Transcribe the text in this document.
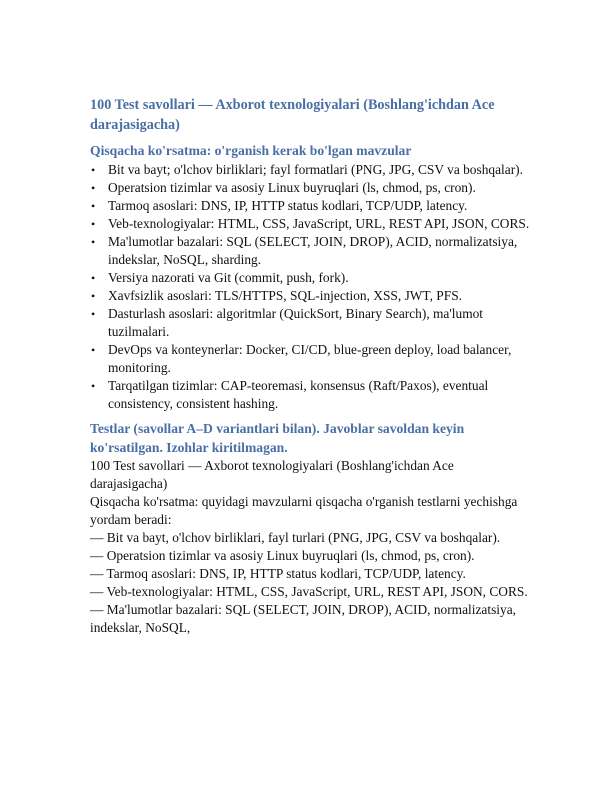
100 Test savollari — Axborot texnologiyalari (Boshlang'ichdan Ace darajasigacha)

Qisqacha ko'rsatma: o'rganish kerak bo'lgan mavzular

• Bit va bayt; o'lchov birliklari; fayl formatlari (PNG, JPG, CSV va boshqalar).
• Operatsion tizimlar va asosiy Linux buyruqlari (ls, chmod, ps, cron).
• Tarmoq asoslari: DNS, IP, HTTP status kodlari, TCP/UDP, latency.
• Veb-texnologiyalar: HTML, CSS, JavaScript, URL, REST API, JSON, CORS.
• Ma'lumotlar bazalari: SQL (SELECT, JOIN, DROP), ACID, normalizatsiya, indekslar, NoSQL, sharding.
• Versiya nazorati va Git (commit, push, fork).
• Xavfsizlik asoslari: TLS/HTTPS, SQL-injection, XSS, JWT, PFS.
• Dasturlash asoslari: algoritmlar (QuickSort, Binary Search), ma'lumot tuzilmalari.
• DevOps va konteynerlar: Docker, CI/CD, blue-green deploy, load balancer, monitoring.
• Tarqatilgan tizimlar: CAP-teoremasi, konsensus (Raft/Paxos), eventual consistency, consistent hashing.

Testlar (savollar A–D variantlari bilan). Javoblar savoldan keyin ko'rsatilgan. Izohlar kiritilmagan.

100 Test savollari — Axborot texnologiyalari (Boshlang'ichdan Ace darajasigacha)

Qisqacha ko'rsatma: quyidagi mavzularni qisqacha o'rganish testlarni yechishga yordam beradi:

— Bit va bayt, o'lchov birliklari, fayl turlari (PNG, JPG, CSV va boshqalar).

— Operatsion tizimlar va asosiy Linux buyruqlari (ls, chmod, ps, cron).

— Tarmoq asoslari: DNS, IP, HTTP status kodlari, TCP/UDP, latency.

— Veb-texnologiyalar: HTML, CSS, JavaScript, URL, REST API, JSON, CORS.

— Ma'lumotlar bazalari: SQL (SELECT, JOIN, DROP), ACID, normalizatsiya, indekslar, NoSQL,
